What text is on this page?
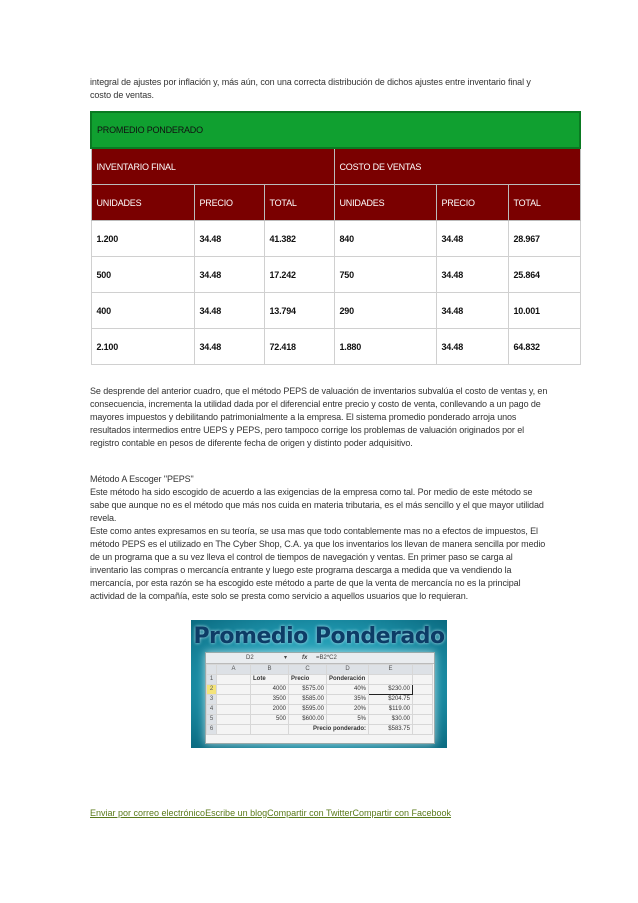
integral de ajustes por inflación y, más aún, con una correcta distribución de dichos ajustes entre inventario final y costo de ventas.

PROMEDIO PONDERADO					
INVENTARIO FINAL			COSTO DE VENTAS		
UNIDADES	PRECIO	TOTAL	UNIDADES	PRECIO	TOTAL
1.200	34.48	41.382	840	34.48	28.967
500	34.48	17.242	750	34.48	25.864
400	34.48	13.794	290	34.48	10.001
2.100	34.48	72.418	1.880	34.48	64.832

Se desprende del anterior cuadro, que el método PEPS de valuación de inventarios subvalúa el costo de ventas y, en consecuencia, incrementa la utilidad dada por el diferencial entre precio y costo de venta, conllevando a un pago de mayores impuestos y debilitando patrimonialmente a la empresa. El sistema promedio ponderado arroja unos resultados intermedios entre UEPS y PEPS, pero tampoco corrige los problemas de valuación originados por el registro contable en pesos de diferente fecha de origen y distinto poder adquisitivo.

Método A Escoger "PEPS"
Este método ha sido escogido de acuerdo a las exigencias de la empresa como tal. Por medio de este método se sabe que aunque no es el método que más nos cuida en materia tributaria, es el más sencillo y el que mayor utilidad revela.
Este como antes expresamos en su teoría, se usa mas que todo contablemente mas no a efectos de impuestos, El método PEPS es el utilizado en The Cyber Shop, C.A. ya que los inventarios los llevan de manera sencilla por medio de un programa que a su vez lleva el control de tiempos de navegación y ventas. En primer paso se carga al inventario las compras o mercancía entrante y luego este programa descarga a medida que va vendiendo la mercancía, por esta razón se ha escogido este método a parte de que la venta de mercancía no es la principal actividad de la compañía, este solo se presta como servicio a aquellos usuarios que lo requieran.
Promedio Ponderado
D2	▾ fx =B2*C2
	A	B	C	D	E	
1		Lote	Precio	Ponderación		
2		4000	$575.00	40%	$230.00	
3		3500	$585.00	35%	$204.75	
4		2000	$595.00	20%	$119.00	
5		500	$600.00	5%	$30.00	
6			Precio ponderado:		$583.75	
Enviar por correo electrónicoEscribe un blogCompartir con TwitterCompartir con Facebook
